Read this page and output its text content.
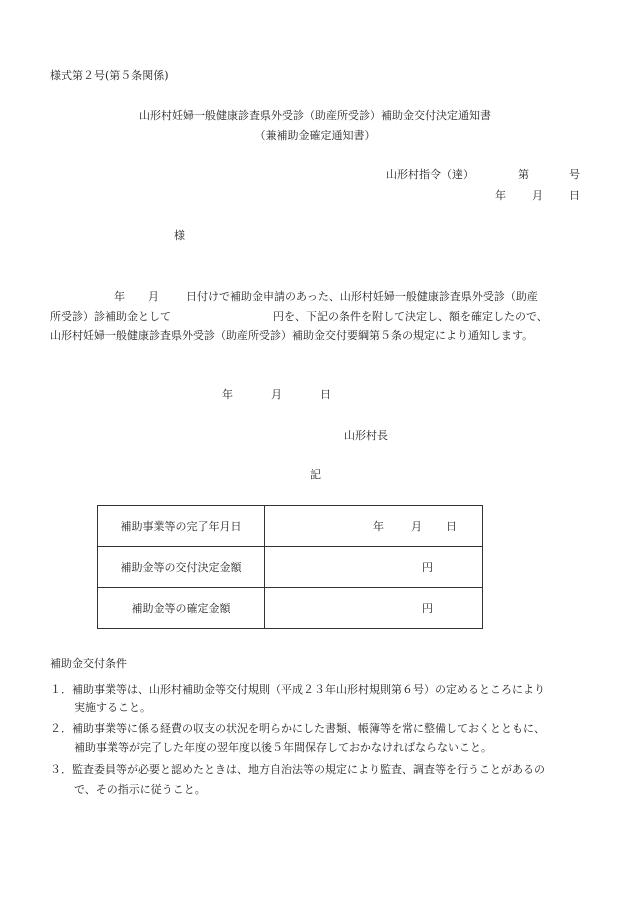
様式第２号(第５条関係)
山形村妊婦一般健康診査県外受診（助産所受診）補助金交付決定通知書
（兼補助金確定通知書）
山形村指令（達）	第	号
年 月 日
様
年 月 日付けで補助金申請のあった、山形村妊婦一般健康診査県外受診（助産
所受診）診補助金として	円を、下記の条件を附して決定し、額を確定したので、
山形村妊婦一般健康診査県外受診（助産所受診）補助金交付要綱第５条の規定により通知します。
年	月	日
山形村長
記
補助事業等の完了年月日	年 月 日

補助金等の交付決定金額	円

補助金等の確定金額	円
補助金交付条件
１．補助事業等は、山形村補助金等交付規則（平成２３年山形村規則第６号）の定めるところにより
実施すること。
２．補助事業等に係る経費の収支の状況を明らかにした書類、帳簿等を常に整備しておくとともに、
補助事業等が完了した年度の翌年度以後５年間保存しておかなければならないこと。
３．監査委員等が必要と認めたときは、地方自治法等の規定により監査、調査等を行うことがあるの
で、その指示に従うこと。
